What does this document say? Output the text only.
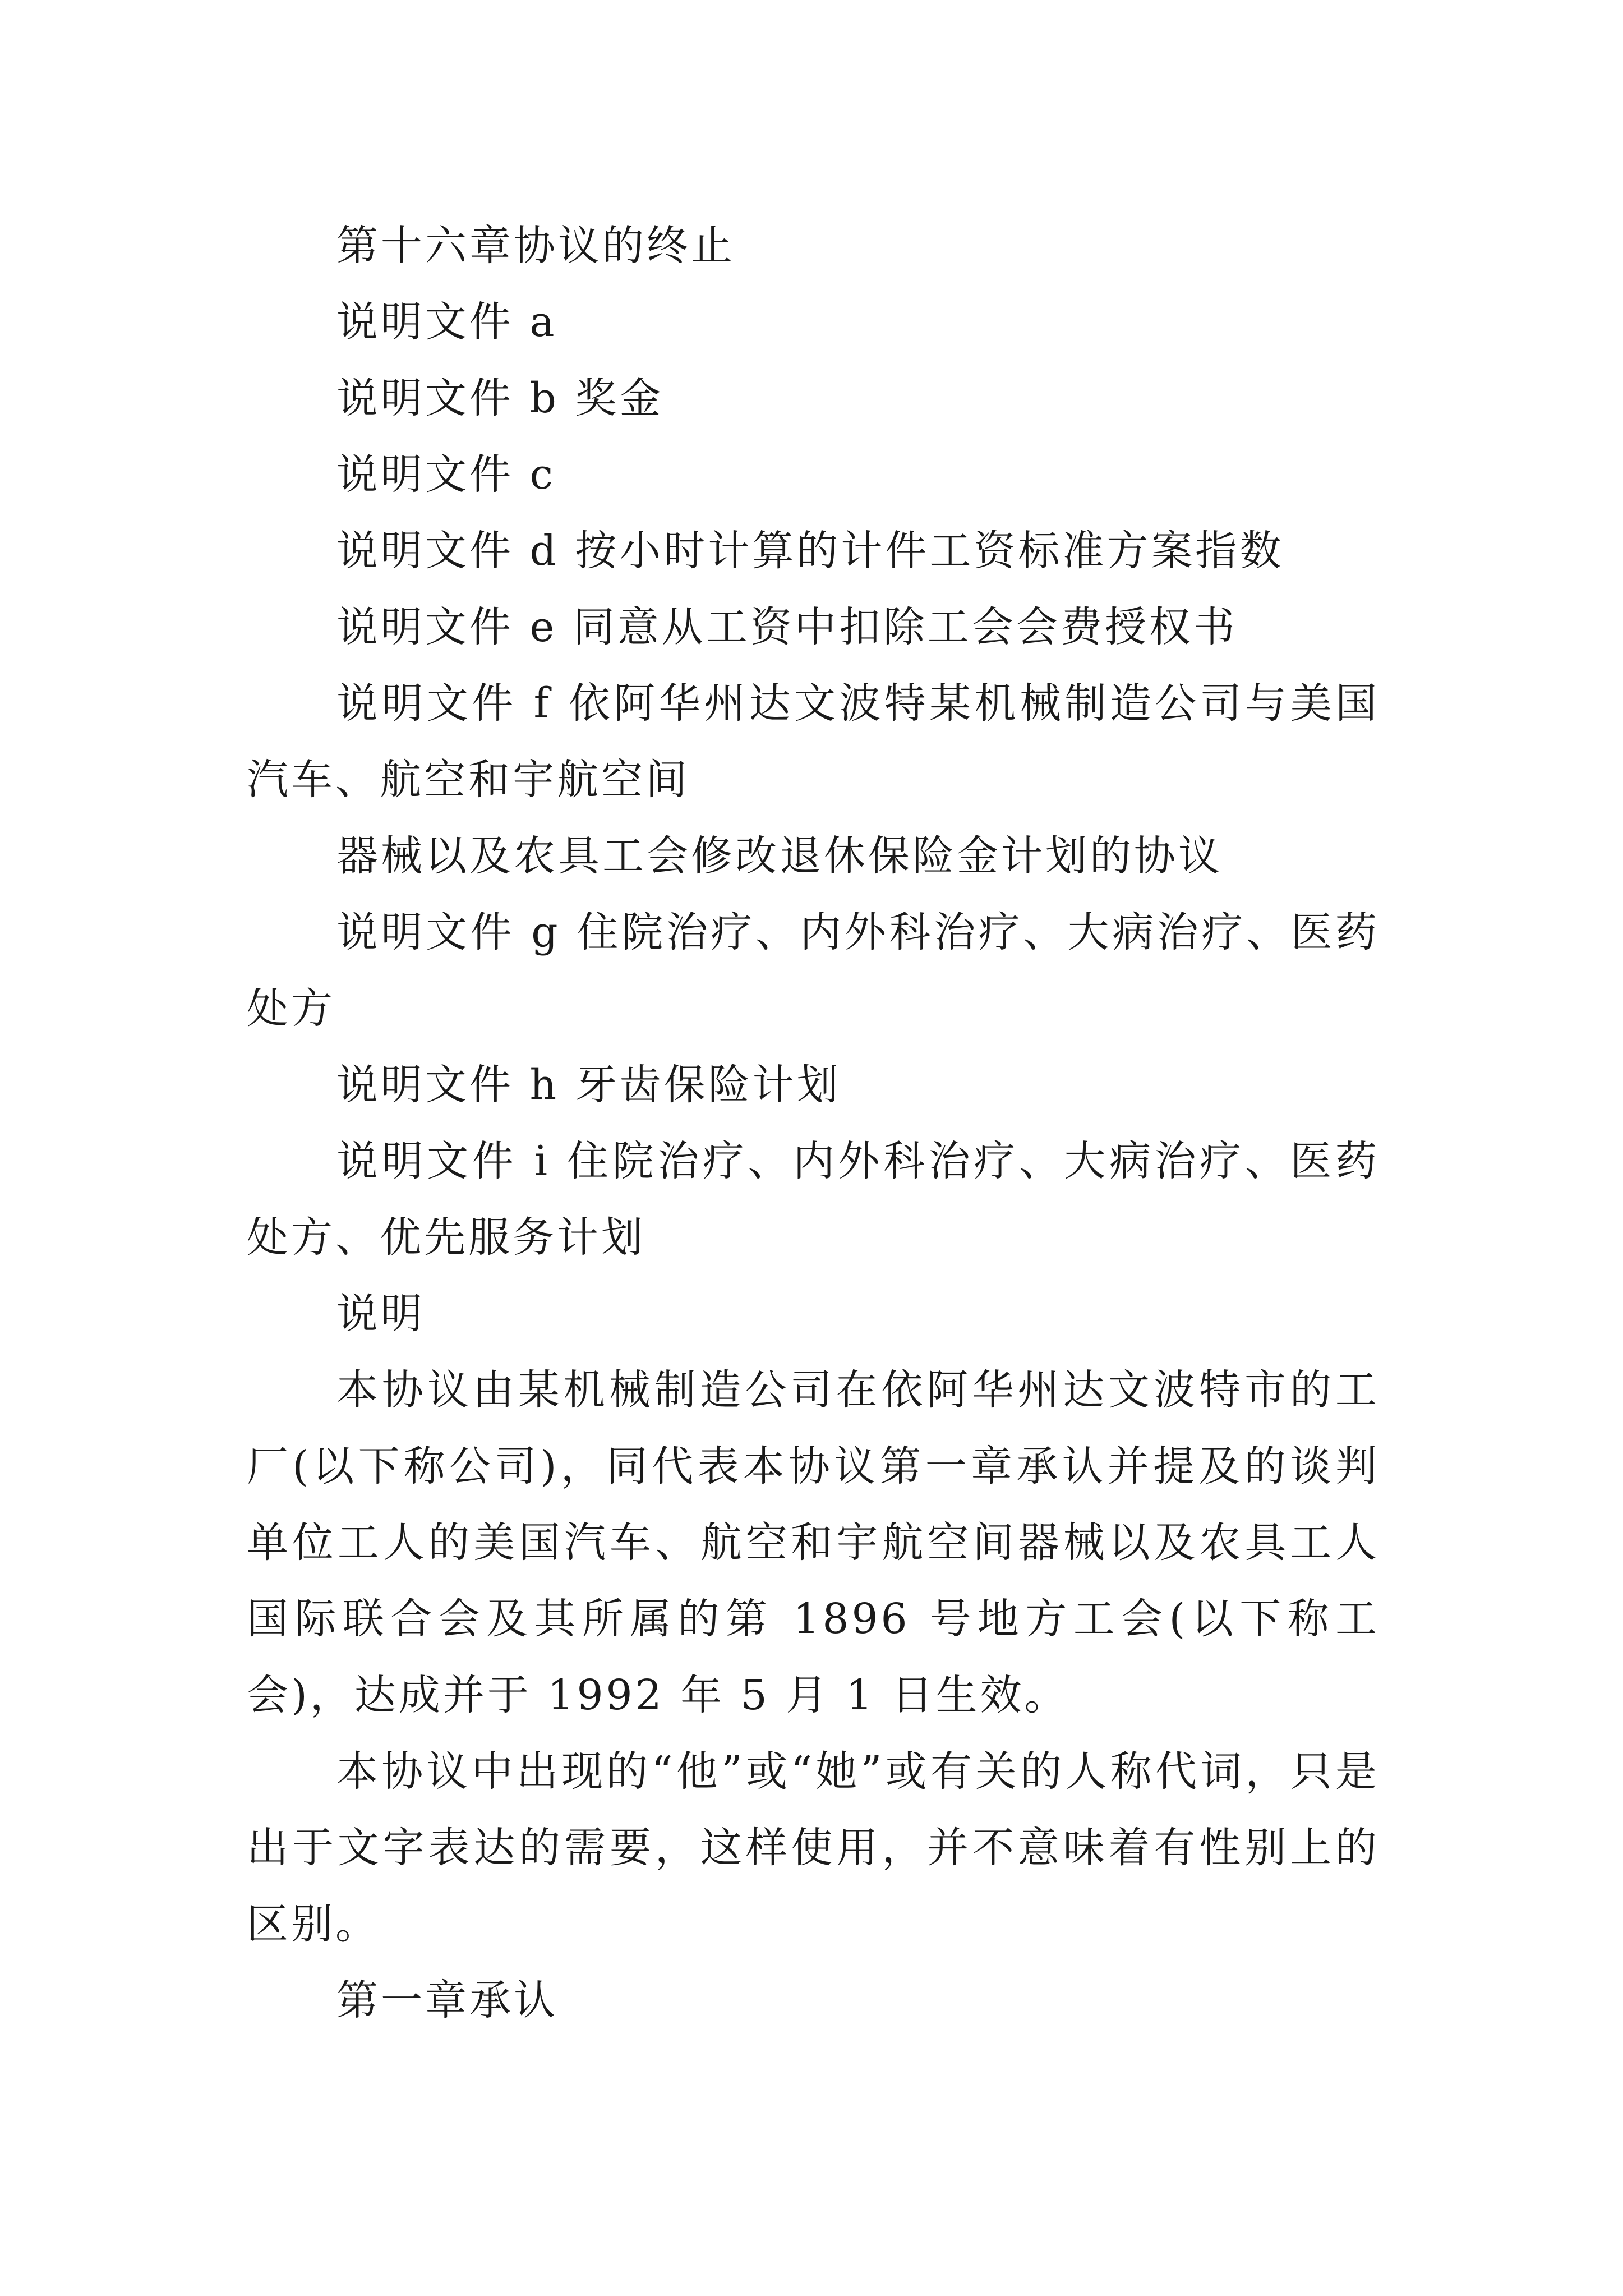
第十六章协议的终止

说明文件 a

说明文件 b 奖金

说明文件 c

说明文件 d 按小时计算的计件工资标准方案指数

说明文件 e 同意从工资中扣除工会会费授权书

说明文件 f 依阿华州达文波特某机械制造公司与美国汽车、航空和宇航空间

器械以及农具工会修改退休保险金计划的协议

说明文件 g 住院治疗、内外科治疗、大病治疗、医药处方

说明文件 h 牙齿保险计划

说明文件 i 住院治疗、内外科治疗、大病治疗、医药处方、优先服务计划

说明

本协议由某机械制造公司在依阿华州达文波特市的工厂(以下称公司)，同代表本协议第一章承认并提及的谈判单位工人的美国汽车、航空和宇航空间器械以及农具工人国际联合会及其所属的第 1896 号地方工会(以下称工会)，达成并于 1992 年 5 月 1 日生效。

本协议中出现的“他”或“她”或有关的人称代词，只是出于文字表达的需要，这样使用，并不意味着有性别上的区别。

第一章承认
